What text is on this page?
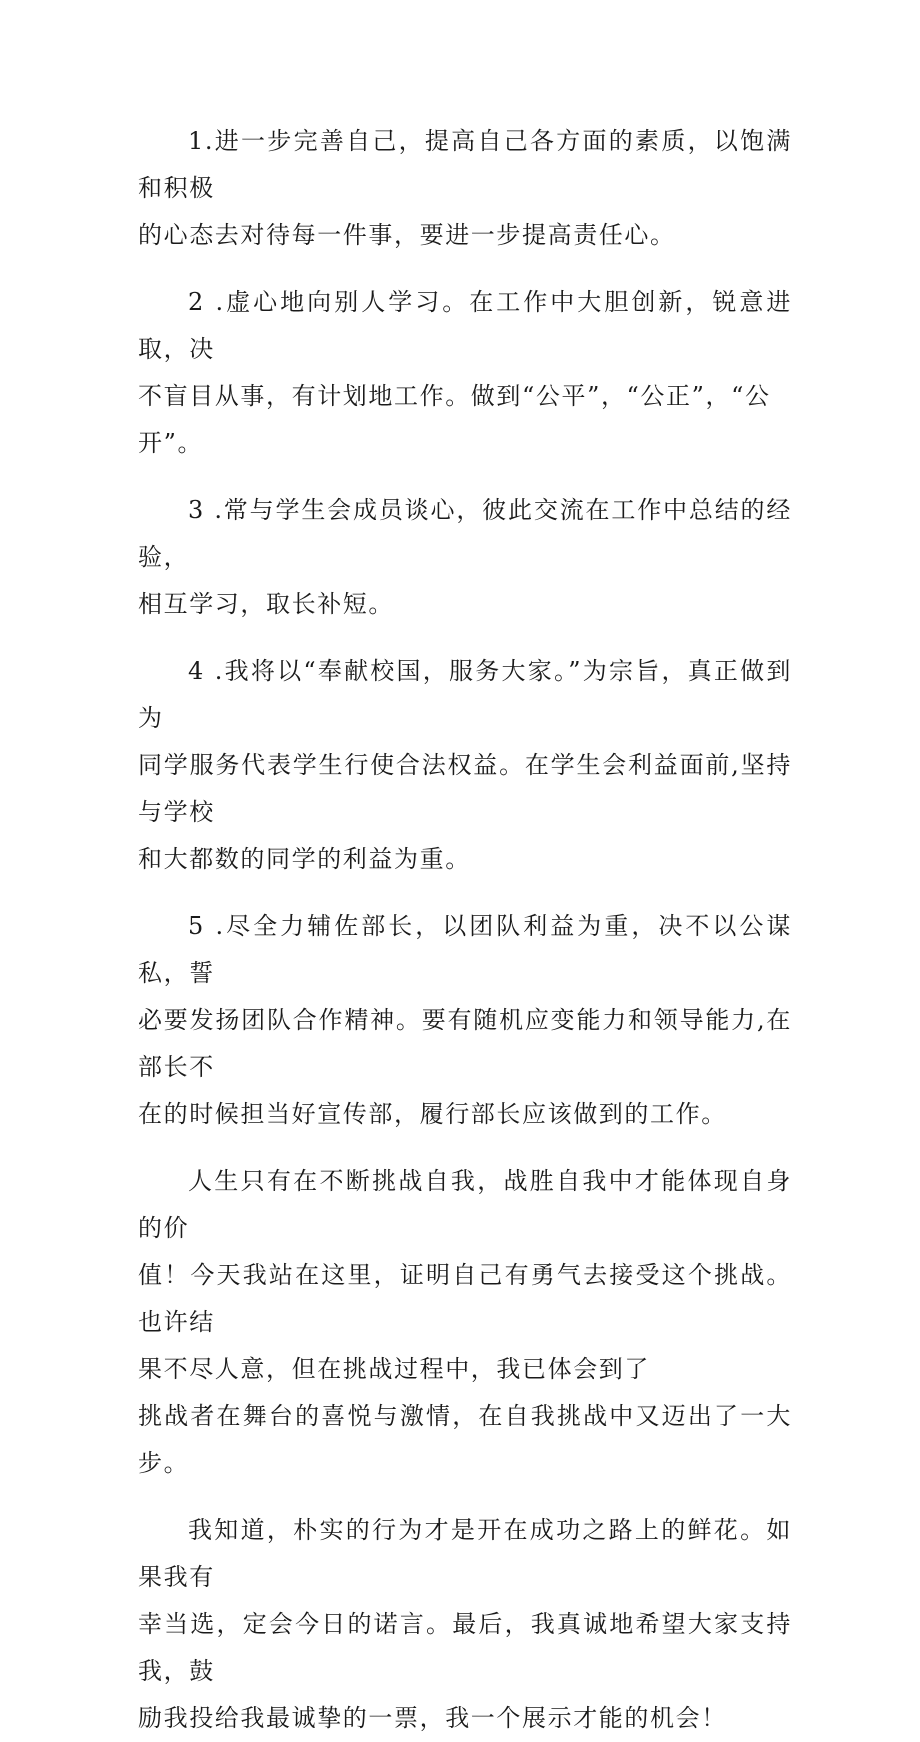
1.进一步完善自己，提高自己各方面的素质，以饱满和积极
的心态去对待每一件事，要进一步提高责任心。

2 .虚心地向别人学习。在工作中大胆创新，锐意进取，决
不盲目从事，有计划地工作。做到“公平”，“公正”，“公
开”。

3 .常与学生会成员谈心，彼此交流在工作中总结的经验，
相互学习，取长补短。

4 .我将以“奉献校国，服务大家。”为宗旨，真正做到为
同学服务代表学生行使合法权益。在学生会利益面前,坚持与学校
和大都数的同学的利益为重。

5 .尽全力辅佐部长，以团队利益为重，决不以公谋私，誓
必要发扬团队合作精神。要有随机应变能力和领导能力,在部长不
在的时候担当好宣传部，履行部长应该做到的工作。

人生只有在不断挑战自我，战胜自我中才能体现自身的价
值！今天我站在这里，证明自己有勇气去接受这个挑战。也许结
果不尽人意，但在挑战过程中，我已体会到了
挑战者在舞台的喜悦与激情，在自我挑战中又迈出了一大步。

我知道，朴实的行为才是开在成功之路上的鲜花。如果我有
幸当选，定会今日的诺言。最后，我真诚地希望大家支持我，鼓
励我投给我最诚挚的一票，我一个展示才能的机会！
